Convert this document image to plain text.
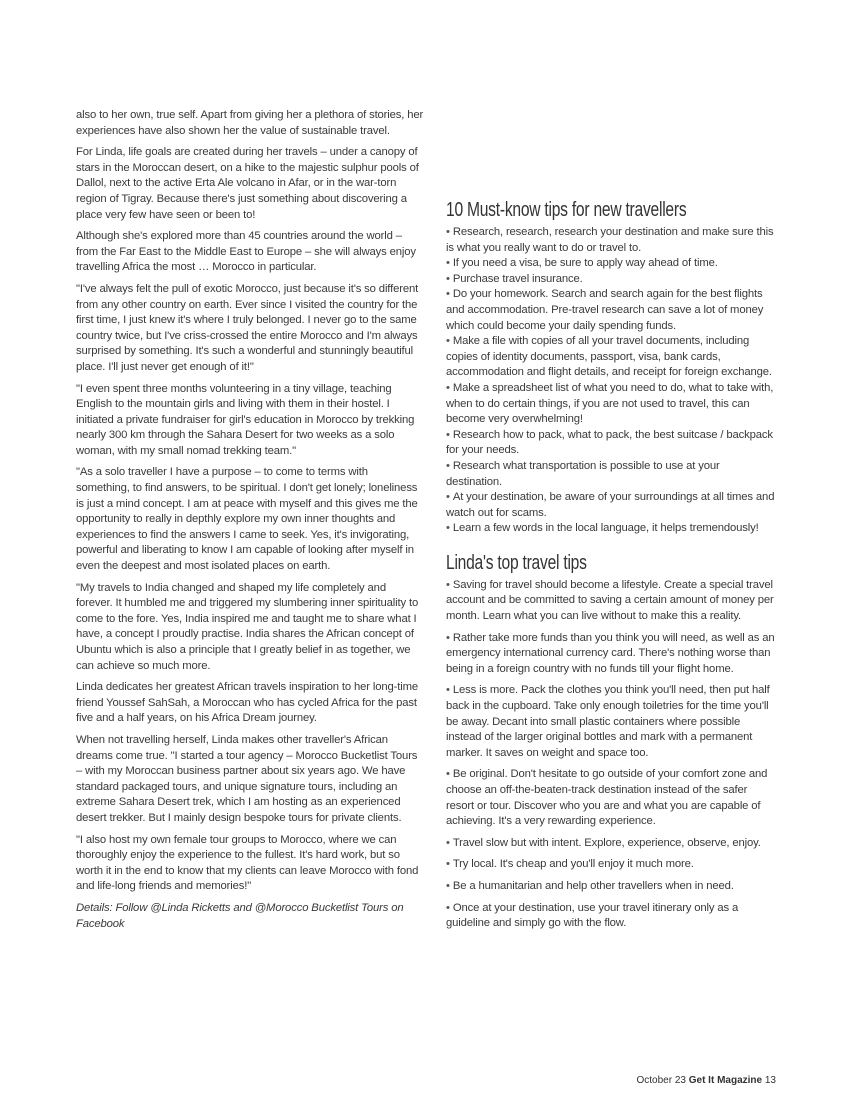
also to her own, true self. Apart from giving her a plethora of stories, her experiences have also shown her the value of sustainable travel.

For Linda, life goals are created during her travels – under a canopy of stars in the Moroccan desert, on a hike to the majestic sulphur pools of Dallol, next to the active Erta Ale volcano in Afar, or in the war-torn region of Tigray. Because there's just something about discovering a place very few have seen or been to!

Although she's explored more than 45 countries around the world – from the Far East to the Middle East to Europe – she will always enjoy travelling Africa the most … Morocco in particular.

"I've always felt the pull of exotic Morocco, just because it's so different from any other country on earth. Ever since I visited the country for the first time, I just knew it's where I truly belonged. I never go to the same country twice, but I've criss-crossed the entire Morocco and I'm always surprised by something. It's such a wonderful and stunningly beautiful place. I'll just never get enough of it!"

"I even spent three months volunteering in a tiny village, teaching English to the mountain girls and living with them in their hostel. I initiated a private fundraiser for girl's education in Morocco by trekking nearly 300 km through the Sahara Desert for two weeks as a solo woman, with my small nomad trekking team."

"As a solo traveller I have a purpose – to come to terms with something, to find answers, to be spiritual. I don't get lonely; loneliness is just a mind concept. I am at peace with myself and this gives me the opportunity to really in depthly explore my own inner thoughts and experiences to find the answers I came to seek. Yes, it's invigorating, powerful and liberating to know I am capable of looking after myself in even the deepest and most isolated places on earth.

"My travels to India changed and shaped my life completely and forever. It humbled me and triggered my slumbering inner spirituality to come to the fore. Yes, India inspired me and taught me to share what I have, a concept I proudly practise. India shares the African concept of Ubuntu which is also a principle that I greatly belief in as together, we can achieve so much more.

Linda dedicates her greatest African travels inspiration to her long-time friend Youssef SahSah, a Moroccan who has cycled Africa for the past five and a half years, on his Africa Dream journey.

When not travelling herself, Linda makes other traveller's African dreams come true. "I started a tour agency – Morocco Bucketlist Tours – with my Moroccan business partner about six years ago. We have standard packaged tours, and unique signature tours, including an extreme Sahara Desert trek, which I am hosting as an experienced desert trekker. But I mainly design bespoke tours for private clients.

"I also host my own female tour groups to Morocco, where we can thoroughly enjoy the experience to the fullest. It's hard work, but so worth it in the end to know that my clients can leave Morocco with fond and life-long friends and memories!"

Details: Follow @Linda Ricketts and @Morocco Bucketlist Tours on Facebook

10 Must-know tips for new travellers
• Research, research, research your destination and make sure this is what you really want to do or travel to.
• If you need a visa, be sure to apply way ahead of time.
• Purchase travel insurance.
• Do your homework. Search and search again for the best flights and accommodation. Pre-travel research can save a lot of money which could become your daily spending funds.
• Make a file with copies of all your travel documents, including copies of identity documents, passport, visa, bank cards, accommodation and flight details, and receipt for foreign exchange.
• Make a spreadsheet list of what you need to do, what to take with, when to do certain things, if you are not used to travel, this can become very overwhelming!
• Research how to pack, what to pack, the best suitcase / backpack for your needs.
• Research what transportation is possible to use at your destination.
• At your destination, be aware of your surroundings at all times and watch out for scams.
• Learn a few words in the local language, it helps tremendously!
Linda's top travel tips
• Saving for travel should become a lifestyle. Create a special travel account and be committed to saving a certain amount of money per month. Learn what you can live without to make this a reality.
• Rather take more funds than you think you will need, as well as an emergency international currency card. There's nothing worse than being in a foreign country with no funds till your flight home.
• Less is more. Pack the clothes you think you'll need, then put half back in the cupboard. Take only enough toiletries for the time you'll be away. Decant into small plastic containers where possible instead of the larger original bottles and mark with a permanent marker. It saves on weight and space too.
• Be original. Don't hesitate to go outside of your comfort zone and choose an off-the-beaten-track destination instead of the safer resort or tour. Discover who you are and what you are capable of achieving. It's a very rewarding experience.
• Travel slow but with intent. Explore, experience, observe, enjoy.
• Try local. It's cheap and you'll enjoy it much more.
• Be a humanitarian and help other travellers when in need.
• Once at your destination, use your travel itinerary only as a guideline and simply go with the flow.
October 23 Get It Magazine 13
